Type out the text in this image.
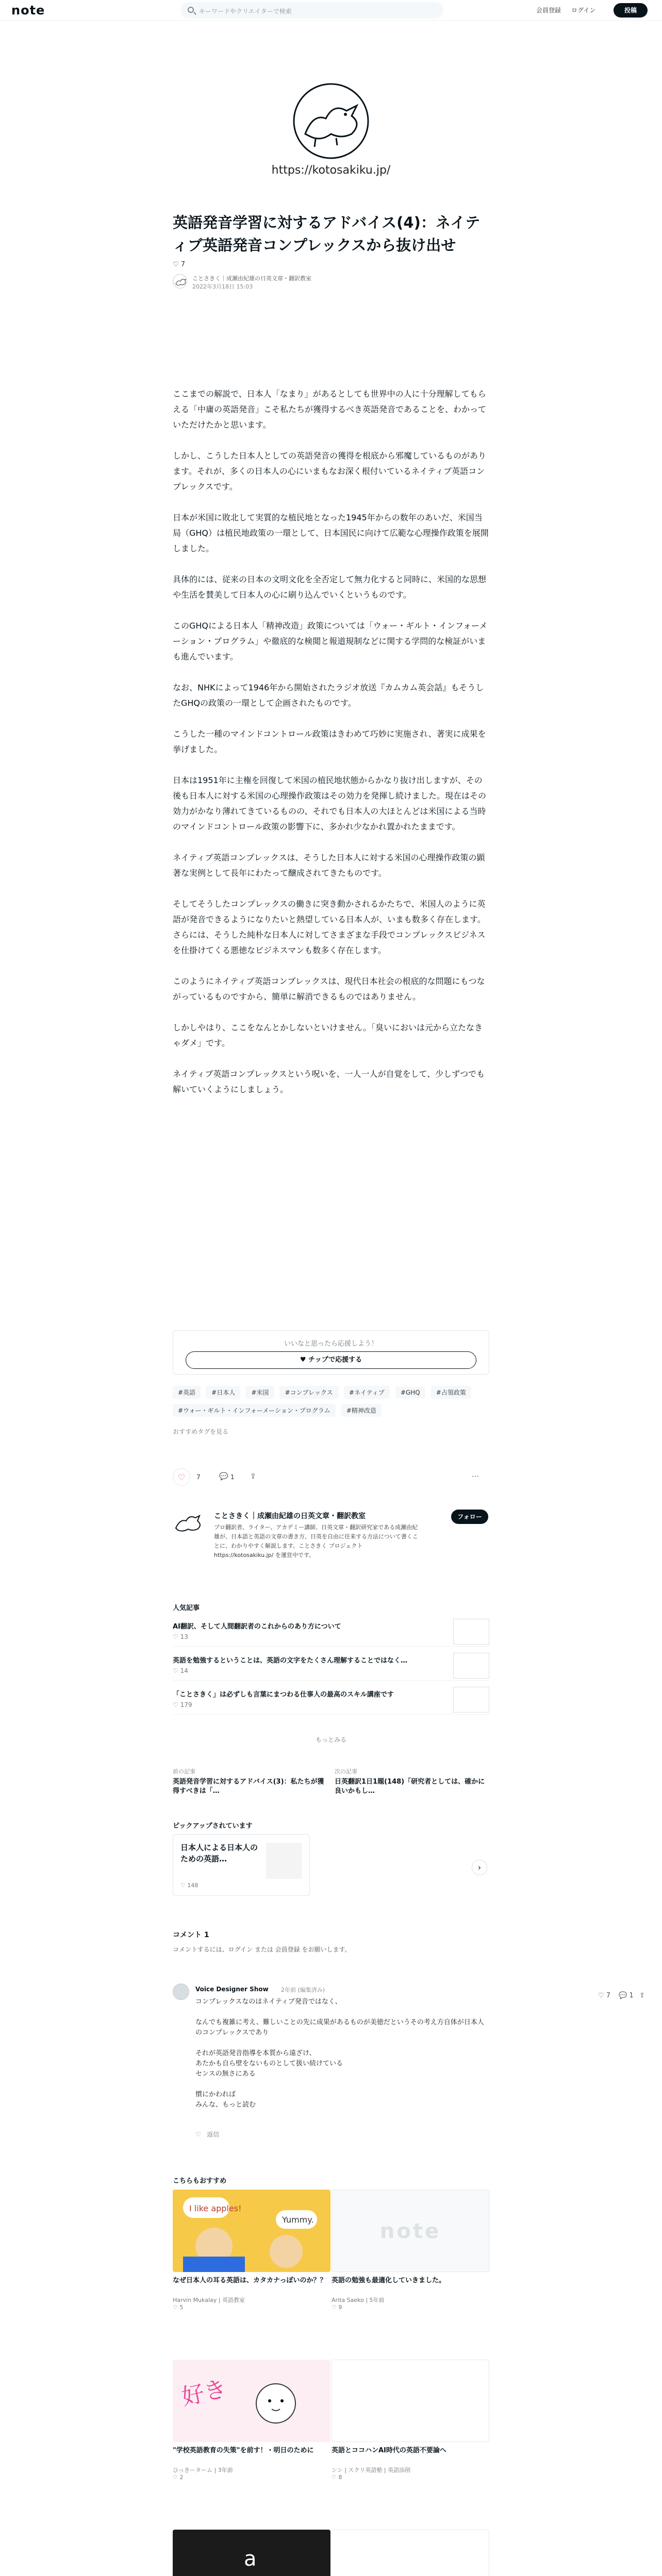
note	キーワードやクリエイターで検索	会員登録 ログイン	投稿
https://kotosakiku.jp/
英語発音学習に対するアドバイス(4)：ネイティブ英語発音コンプレックスから抜け出せ
♡ 7
ことさきく｜成瀬由紀雄の日英文章・翻訳教室
2022年3月18日 15:03

ここまでの解説で、日本人「なまり」があるとしても世界中の人に十分理解してもらえる「中庸の英語発音」こそ私たちが獲得するべき英語発音であることを、わかっていただけたかと思います。

しかし、こうした日本人としての英語発音の獲得を根底から邪魔しているものがあります。それが、多くの日本人の心にいまもなお深く根付いているネイティブ英語コンプレックスです。

日本が米国に敗北して実質的な植民地となった1945年からの数年のあいだ、米国当局（GHQ）は植民地政策の一環として、日本国民に向けて広範な心理操作政策を展開しました。

具体的には、従来の日本の文明文化を全否定して無力化すると同時に、米国的な思想や生活を賛美して日本人の心に刷り込んでいくというものです。

このGHQによる日本人「精神改造」政策については「ウォー・ギルト・インフォーメーション・プログラム」や徹底的な検閲と報道規制などに関する学問的な検証がいまも進んでいます。

なお、NHKによって1946年から開始されたラジオ放送『カムカム英会話』もそうしたGHQの政策の一環として企画されたものです。

こうした一種のマインドコントロール政策はきわめて巧妙に実施され、著実に成果を挙げました。

日本は1951年に主権を回復して米国の植民地状態からかなり抜け出しますが、その後も日本人に対する米国の心理操作政策はその効力を発揮し続けました。現在はその効力がかなり薄れてきているものの、それでも日本人の大ほとんどは米国による当時のマインドコントロール政策の影響下に、多かれ少なかれ置かれたままです。

ネイティブ英語コンプレックスは、そうした日本人に対する米国の心理操作政策の顕著な実例として長年にわたって醸成されてきたものです。

そしてそうしたコンプレックスの働きに突き動かされるかたちで、米国人のように英語が発音できるようになりたいと熱望している日本人が、いまも数多く存在します。さらには、そうした純朴な日本人に対してさまざまな手段でコンプレックスビジネスを仕掛けてくる悪徳なビジネスマンも数多く存在します。

このようにネイティブ英語コンプレックスは、現代日本社会の根底的な問題にもつながっているものですから、簡単に解消できるものではありません。

しかしやはり、ここをなんとかしないといけません。「臭いにおいは元から立たなきゃダメ」です。

ネイティブ英語コンプレックスという呪いを、一人一人が自覚をして、少しずつでも解いていくようにしましょう。

いいなと思ったら応援しよう！
♥ チップで応援する
#英語	#日本人	#米国	#コンプレックス	#ネイティブ	#GHQ	#占領政策 #ウォー・ギルト・インフォーメーション・プログラム	#精神改造
おすすめタグを見る
♡	7	💬 1 ⇪	⋯
ことさきく｜成瀬由紀雄の日英文章・翻訳教室
プロ翻訳者、ライター、アカデミー講師、日英文章・翻訳研究家である成瀬由紀雄が、日本語と英語の文章の書き方、日英を自由に往来する方法について書くことに、わかりやすく解説します。ことさきく プロジェクト https://kotosakiku.jp/ を運営中です。
フォロー
人気記事
AI翻訳、そして人間翻訳者のこれからのあり方について
♡ 13
英語を勉強するということは、英語の文字をたくさん理解することではなく…
♡ 14
「ことさきく」は必ずしも言葉にまつわる仕事人の最高のスキル講座です
♡ 179
もっとみる
前の記事
英語発音学習に対するアドバイス(3)：私たちが獲得すべきは「…
次の記事
日英翻訳1日1題(148)「研究者としては、確かに良いかもし…
ピックアップされています
日本人による日本人のための英語…
♡ 148
›
コメント 1
コメントするには、ログイン または 会員登録 をお願いします。
Voice Designer Show 2年前 (編集済み)
コンプレックスなのはネイティブ発音ではなく、

なんでも複雑に考え、難しいことの先に成果があるものが美徳だというその考え方自体が日本人のコンプレックスであり

それが英語発音指導を本質から遠ざけ、
あたかも自ら壁をないものとして扱い続けている
センスの無さにある

慣にかわれば
みんな、もっと読む
♡ 返信
♡ 7 💬 1 ⇪
こちらもおすすめ
I like apples!
Yummy.
なぜ日本人の耳る英語は、カタカナっぽいのか？？
Harvin Mukalay | 英語教室
♡ 5
note
英語の勉強も最適化していきました。
Arita Saeko | 5年前
♡ 9
好き
"学校英語教育の失策"を前す！・明日のために
ひっきーターム | 3年前
♡ 2
英語とココハンAI時代の英語不要論へ
シン | スクリ英語塾 | 英語添削
♡ 8
a
